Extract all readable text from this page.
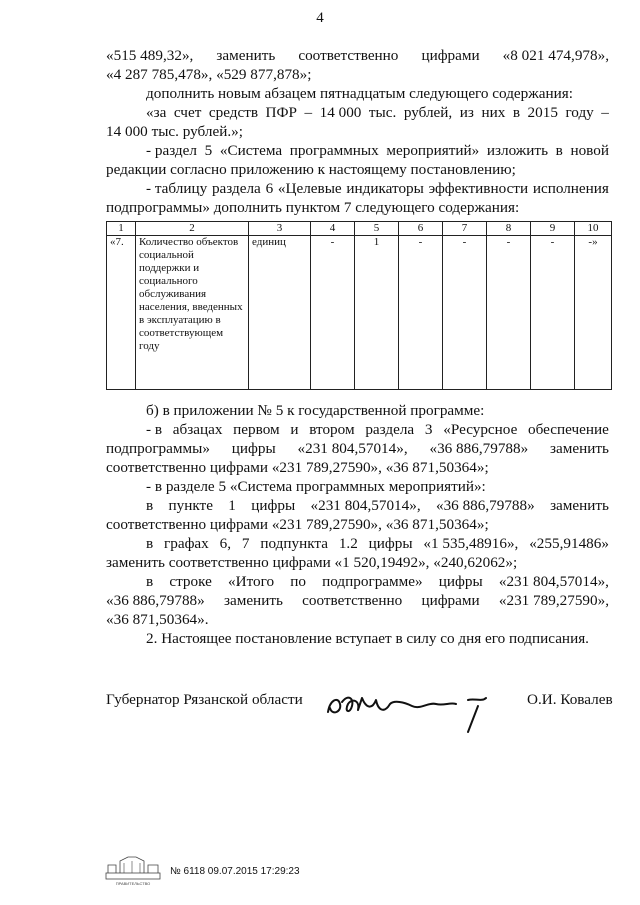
4
«515 489,32», заменить соответственно цифрами «8 021 474,978»,
«4 287 785,478», «529 877,878»;
дополнить новым абзацем пятнадцатым следующего содержания:
«за счет средств ПФР – 14 000 тыс. рублей, из них в 2015 году –
14 000 тыс. рублей.»;
- раздел 5 «Система программных мероприятий» изложить в новой
редакции согласно приложению к настоящему постановлению;
- таблицу раздела 6 «Целевые индикаторы эффективности исполнения
подпрограммы» дополнить пунктом 7 следующего содержания:
1	2	3	4	5	6	7	8	9	10
«7.	Количество объектов социальной поддержки и социального обслуживания населения, введенных в эксплуатацию в соответствующем году	единиц	-	1	-	-	-	-	-»
б) в приложении № 5 к государственной программе:
- в абзацах первом и втором раздела 3 «Ресурсное обеспечение
подпрограммы» цифры «231 804,57014», «36 886,79788» заменить
соответственно цифрами «231 789,27590», «36 871,50364»;
- в разделе 5 «Система программных мероприятий»:
в пункте 1 цифры «231 804,57014», «36 886,79788» заменить
соответственно цифрами «231 789,27590», «36 871,50364»;
в графах 6, 7 подпункта 1.2 цифры «1 535,48916», «255,91486»
заменить соответственно цифрами «1 520,19492», «240,62062»;
в строке «Итого по подпрограмме» цифры «231 804,57014»,
«36 886,79788» заменить соответственно цифрами «231 789,27590»,
«36 871,50364».
2. Настоящее постановление вступает в силу со дня его подписания.
Губернатор Рязанской области	О.И. Ковалев
ПРАВИТЕЛЬСТВО
№ 6118 09.07.2015 17:29:23
